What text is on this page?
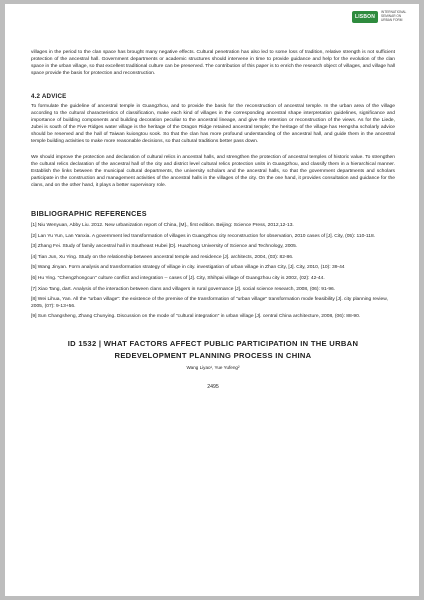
LISBON
INTERNATIONAL SEMINAR ON URBAN FORM

villages in the period to the clan space has brought many negative effects. Cultural penetration has also led to some loss of tradition, relative strength is not sufficient protection of the ancestral hall. Government departments or academic structures should intervene in time to provide guidance and help for the evolution of the clan space in the urban village, so that excellent traditional culture can be preserved. The contribution of this paper is to enrich the research object of villages, and village hall space provide the basis for protection and reconstruction.

4.2 ADVICE

To formulate the guideline of ancestral temple in Guangzhou, and to provide the basis for the reconstruction of ancestral temple. In the urban area of the village according to the cultural characteristics of classification, make each kind of villages in the corresponding ancestral shape interpretation guidelines, significance and importance of building components and building decoration peculiar to the ancestral lineage, and give the retention or reconstruction of the views. As for the Liede, Jubei is south of the Five Ridges water village is the heritage of the Dragon Ridge retained ancestral temple; the heritage of the village has Hengsha scholarly advice should be reserved and the hall of Taiwan kuiongtou sook. So that the clan has more profound understanding of the ancestral hall, and guide them in the ancestral temple building activities to make more reasonable decisions, so that cultural traditions better pass down.

We should improve the protection and declaration of cultural relics in ancestral halls, and strengthen the protection of ancestral temples of historic value. To strengthen the cultural relics declaration of the ancestral hall of the city and district level cultural relics protection units in Guangzhou, and classify them in a hierarchical manner. Establish the links between the municipal cultural departments, the university scholars and the ancestral halls, so that the government departments and scholars participate in the construction and management activities of the ancestral halls in the villages of the city. On the one hand, it provides consultation and guidance for the clans, and on the other hand, it plays a better supervisory role.

BIBLIOGRAPHIC REFERENCES

[1] Niu Wenyuan, Abby Liu. 2012. New urbanization report of China, [M]., first edition. Beijing: Science Press, 2012,12-13.

[2] Lan Yu Yun, Lan Yanxia. A government led transformation of villages in Guangzhou city reconstruction for observation, 2010 cases of [J]. City, (05): 110-118.

[3] Zhang Fei. Study of family ancestral hall in Southeast Hubei [D]. Huazhong University of Science and Technology, 2005.

[4] Tian Jun, Xu Ying. Study on the relationship between ancestral temple and residence [J]. architects, 2004, (03): 82-86.

[5] Wang Jinyan. Form analysis and transformation strategy of village in city. investigation of urban village in Zhan City, [J]. City, 2010, (10): 39-44

[6] Hu Ying. "Chengzhongcun" culture conflict and integration -- cases of [J]. City, Shihpai village of Guangzhou city is 2002, (02): 42-44.

[7] Xiao Tang, dart. Analysis of the interaction between clans and villagers in rural governance [J]. social science research, 2008, (06): 91-96.

[8] Wei Lihua, Yan. All the "urban village": the existence of the premise of the transformation of "urban village" transformation mode feasibility [J]. city planning review, 2005, (07): 9-13+56.

[9] Sun Changsheng, Zhang Chunying. Discussion on the mode of "cultural integration" in urban village [J]. central China architecture, 2008, (06): 88-90.

ID 1532 | WHAT FACTORS AFFECT PUBLIC PARTICIPATION IN THE URBAN REDEVELOPMENT PLANNING PROCESS IN CHINA
Wang Liyao¹, Yue Yufeng²
2495
